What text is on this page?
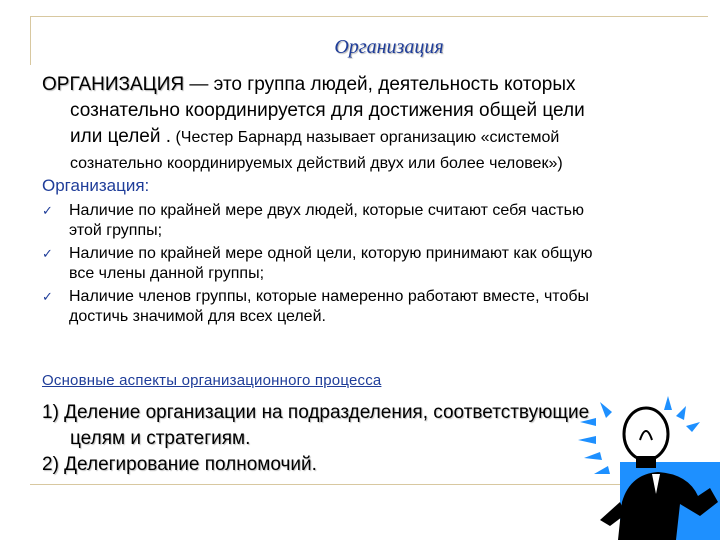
Организация
ОРГАНИЗАЦИЯ — это группа людей, деятельность которых
сознательно координируется для достижения общей цели
или целей . (Честер Барнард называет организацию «системой
сознательно координируемых действий двух или более человек»)
Организация:
✓ Наличие по крайней мере двух людей, которые считают себя частью
этой группы;
✓ Наличие по крайней мере одной цели, которую принимают как общую
все члены данной группы;
✓ Наличие членов группы, которые намеренно работают вместе, чтобы
достичь значимой для всех целей.
Основные аспекты организационного процесса
1) Деление организации на подразделения, соответствующие
целям и стратегиям.
2) Делегирование полномочий.
